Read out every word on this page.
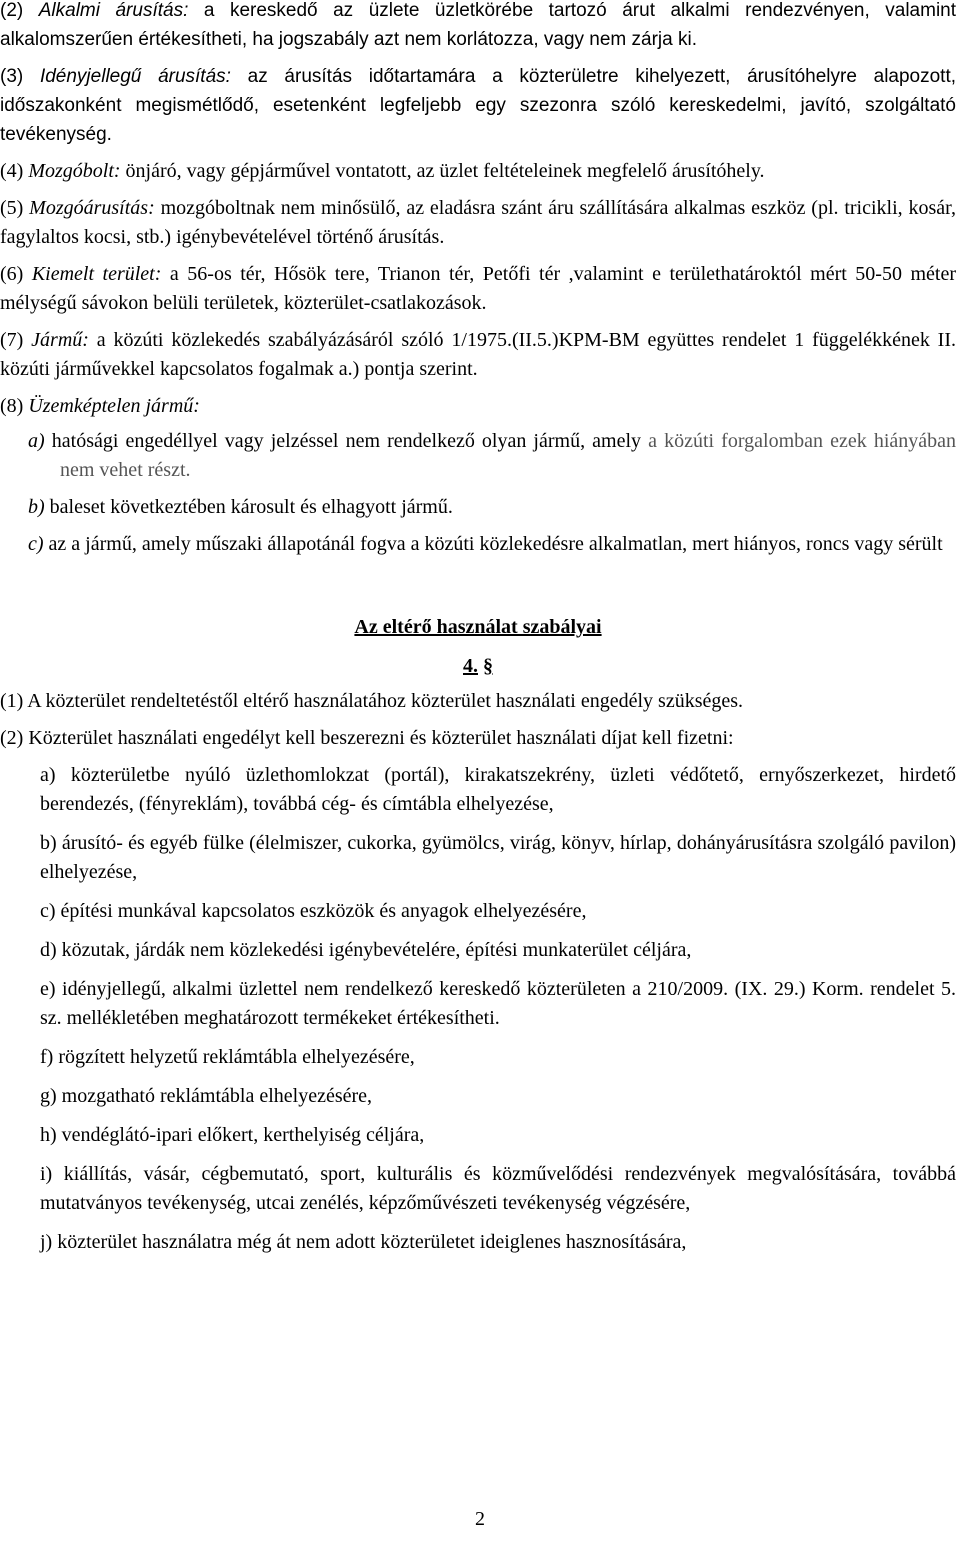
(2) Alkalmi árusítás: a kereskedő az üzlete üzletkörébe tartozó árut alkalmi rendezvényen, valamint alkalomszerűen értékesítheti, ha jogszabály azt nem korlátozza, vagy nem zárja ki.

(3) Idényjellegű árusítás: az árusítás időtartamára a közterületre kihelyezett, árusítóhelyre alapozott, időszakonként megismétlődő, esetenként legfeljebb egy szezonra szóló kereskedelmi, javító, szolgáltató tevékenység.

(4) Mozgóbolt: önjáró, vagy gépjárművel vontatott, az üzlet feltételeinek megfelelő árusítóhely.

(5) Mozgóárusítás: mozgóboltnak nem minősülő, az eladásra szánt áru szállítására alkalmas eszköz (pl. tricikli, kosár, fagylaltos kocsi, stb.) igénybevételével történő árusítás.

(6) Kiemelt terület: a 56-os tér, Hősök tere, Trianon tér, Petőfi tér ,valamint e területhatároktól mért 50-50 méter mélységű sávokon belüli területek, közterület-csatlakozások.

(7) Jármű: a közúti közlekedés szabályázásáról szóló 1/1975.(II.5.)KPM-BM együttes rendelet 1 függelékkének II. közúti járművekkel kapcsolatos fogalmak a.) pontja szerint.

(8) Üzemképtelen jármű:

a) hatósági engedéllyel vagy jelzéssel nem rendelkező olyan jármű, amely a közúti forgalomban ezek hiányában nem vehet részt.

b) baleset következtében károsult és elhagyott jármű.

c) az a jármű, amely műszaki állapotánál fogva a közúti közlekedésre alkalmatlan, mert hiányos, roncs vagy sérült

Az eltérő használat szabályai
4. §

(1) A közterület rendeltetéstől eltérő használatához közterület használati engedély szükséges.

(2) Közterület használati engedélyt kell beszerezni és közterület használati díjat kell fizetni:

a) közterületbe nyúló üzlethomlokzat (portál), kirakatszekrény, üzleti védőtető, ernyőszerkezet, hirdető berendezés, (fényreklám), továbbá cég- és címtábla elhelyezése,

b) árusító- és egyéb fülke (élelmiszer, cukorka, gyümölcs, virág, könyv, hírlap, dohányárusításra szolgáló pavilon) elhelyezése,

c) építési munkával kapcsolatos eszközök és anyagok elhelyezésére,

d) közutak, járdák nem közlekedési igénybevételére, építési munkaterület céljára,

e) idényjellegű, alkalmi üzlettel nem rendelkező kereskedő közterületen a 210/2009. (IX. 29.) Korm. rendelet 5. sz. mellékletében meghatározott termékeket értékesítheti.

f) rögzített helyzetű reklámtábla elhelyezésére,

g) mozgatható reklámtábla elhelyezésére,

h) vendéglátó-ipari előkert, kerthelyiség céljára,

i) kiállítás, vásár, cégbemutató, sport, kulturális és közművelődési rendezvények megvalósítására, továbbá mutatványos tevékenység, utcai zenélés, képzőművészeti tevékenység végzésére,

j) közterület használatra még át nem adott közterületet ideiglenes hasznosítására,

2
